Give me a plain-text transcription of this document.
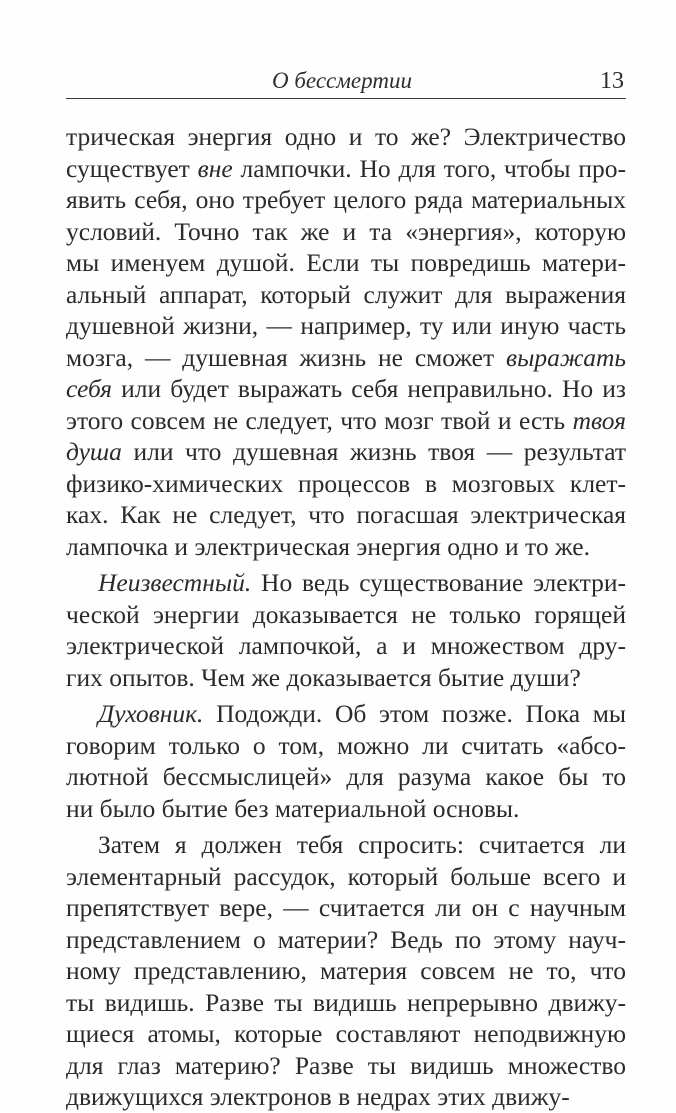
О бессмертии	13
трическая энергия одно и то же? Электричество
существует вне лампочки. Но для того, чтобы про-
явить себя, оно требует целого ряда материальных
условий. Точно так же и та «энергия», которую
мы именуем душой. Если ты повредишь матери-
альный аппарат, который служит для выражения
душевной жизни, — например, ту или иную часть
мозга, — душевная жизнь не сможет выражать
себя или будет выражать себя неправильно. Но из
этого совсем не следует, что мозг твой и есть твоя
душа или что душевная жизнь твоя — результат
физико-химических процессов в мозговых клет-
ках. Как не следует, что погасшая электрическая
лампочка и электрическая энергия одно и то же.
Неизвестный. Но ведь существование электри-
ческой энергии доказывается не только горящей
электрической лампочкой, а и множеством дру-
гих опытов. Чем же доказывается бытие души?
Духовник. Подожди. Об этом позже. Пока мы
говорим только о том, можно ли считать «абсо-
лютной бессмыслицей» для разума какое бы то
ни было бытие без материальной основы.
Затем я должен тебя спросить: считается ли
элементарный рассудок, который больше всего и
препятствует вере, — считается ли он с научным
представлением о материи? Ведь по этому науч-
ному представлению, материя совсем не то, что
ты видишь. Разве ты видишь непрерывно движу-
щиеся атомы, которые составляют неподвижную
для глаз материю? Разве ты видишь множество
движущихся электронов в недрах этих движу-
